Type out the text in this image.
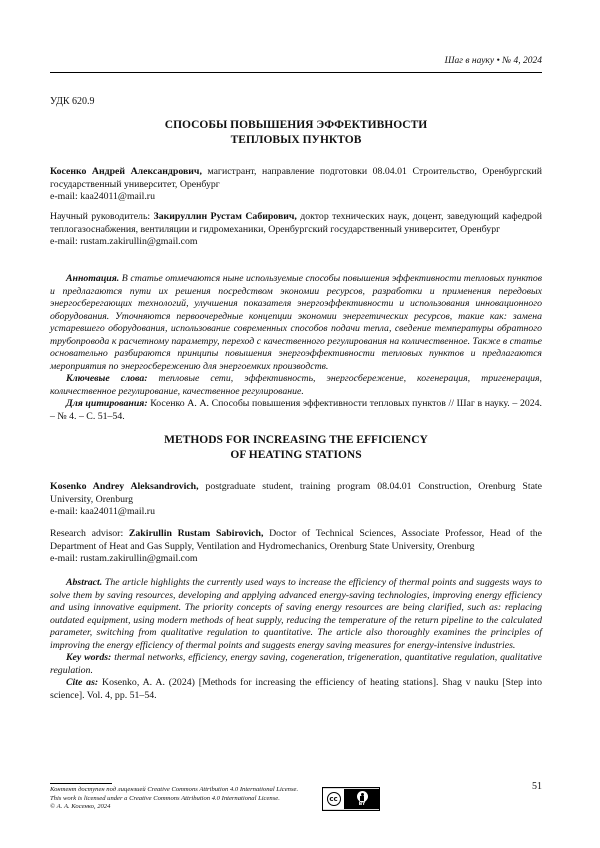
Шаг в науку • № 4, 2024
УДК 620.9
СПОСОБЫ ПОВЫШЕНИЯ ЭФФЕКТИВНОСТИ
ТЕПЛОВЫХ ПУНКТОВ

Косенко Андрей Александрович, магистрант, направление подготовки 08.04.01 Строительство, Оренбургский государственный университет, Оренбург

e-mail: kaa24011@mail.ru

Научный руководитель: Закируллин Рустам Сабирович, доктор технических наук, доцент, заведующий кафедрой теплогазоснабжения, вентиляции и гидромеханики, Оренбургский государственный университет, Оренбург

e-mail: rustam.zakirullin@gmail.com

Аннотация. В статье отмечаются ныне используемые способы повышения эффективности тепловых пунктов и предлагаются пути их решения посредством экономии ресурсов, разработки и применения передовых энергосберегающих технологий, улучшения показателя энергоэффективности и использования инновационного оборудования. Уточняются первоочередные концепции экономии энергетических ресурсов, такие как: замена устаревшего оборудования, использование современных способов подачи тепла, сведение температуры обратного трубопровода к расчетному параметру, переход с качественного регулирования на количественное. Также в статье основательно разбираются принципы повышения энергоэффективности тепловых пунктов и предлагаются мероприятия по энергосбережению для энергоемких производств.

Ключевые слова: тепловые сети, эффективность, энергосбережение, когенерация, тригенерация, количественное регулирование, качественное регулирование.

Для цитирования: Косенко А. А. Способы повышения эффективности тепловых пунктов // Шаг в науку. – 2024. – № 4. – С. 51–54.

METHODS FOR INCREASING THE EFFICIENCY
OF HEATING STATIONS

Kosenko Andrey Aleksandrovich, postgraduate student, training program 08.04.01 Construction, Orenburg State University, Orenburg

e-mail: kaa24011@mail.ru

Research advisor: Zakirullin Rustam Sabirovich, Doctor of Technical Sciences, Associate Professor, Head of the Department of Heat and Gas Supply, Ventilation and Hydromechanics, Orenburg State University, Orenburg

e-mail: rustam.zakirullin@gmail.com

Abstract. The article highlights the currently used ways to increase the efficiency of thermal points and suggests ways to solve them by saving resources, developing and applying advanced energy-saving technologies, improving energy efficiency and using innovative equipment. The priority concepts of saving energy resources are being clarified, such as: replacing outdated equipment, using modern methods of heat supply, reducing the temperature of the return pipeline to the calculated parameter, switching from qualitative regulation to quantitative. The article also thoroughly examines the principles of improving the energy efficiency of thermal points and suggests energy saving measures for energy-intensive industries.

Key words: thermal networks, efficiency, energy saving, cogeneration, trigeneration, quantitative regulation, qualitative regulation.

Cite as: Kosenko, A. A. (2024) [Methods for increasing the efficiency of heating stations]. Shag v nauku [Step into science]. Vol. 4, pp. 51–54.

Контент доступен под лицензией Creative Commons Attribution 4.0 International License.
This work is licensed under a Creative Commons Attribution 4.0 International License.
© А. А. Косенко, 2024
cc
BY
51
